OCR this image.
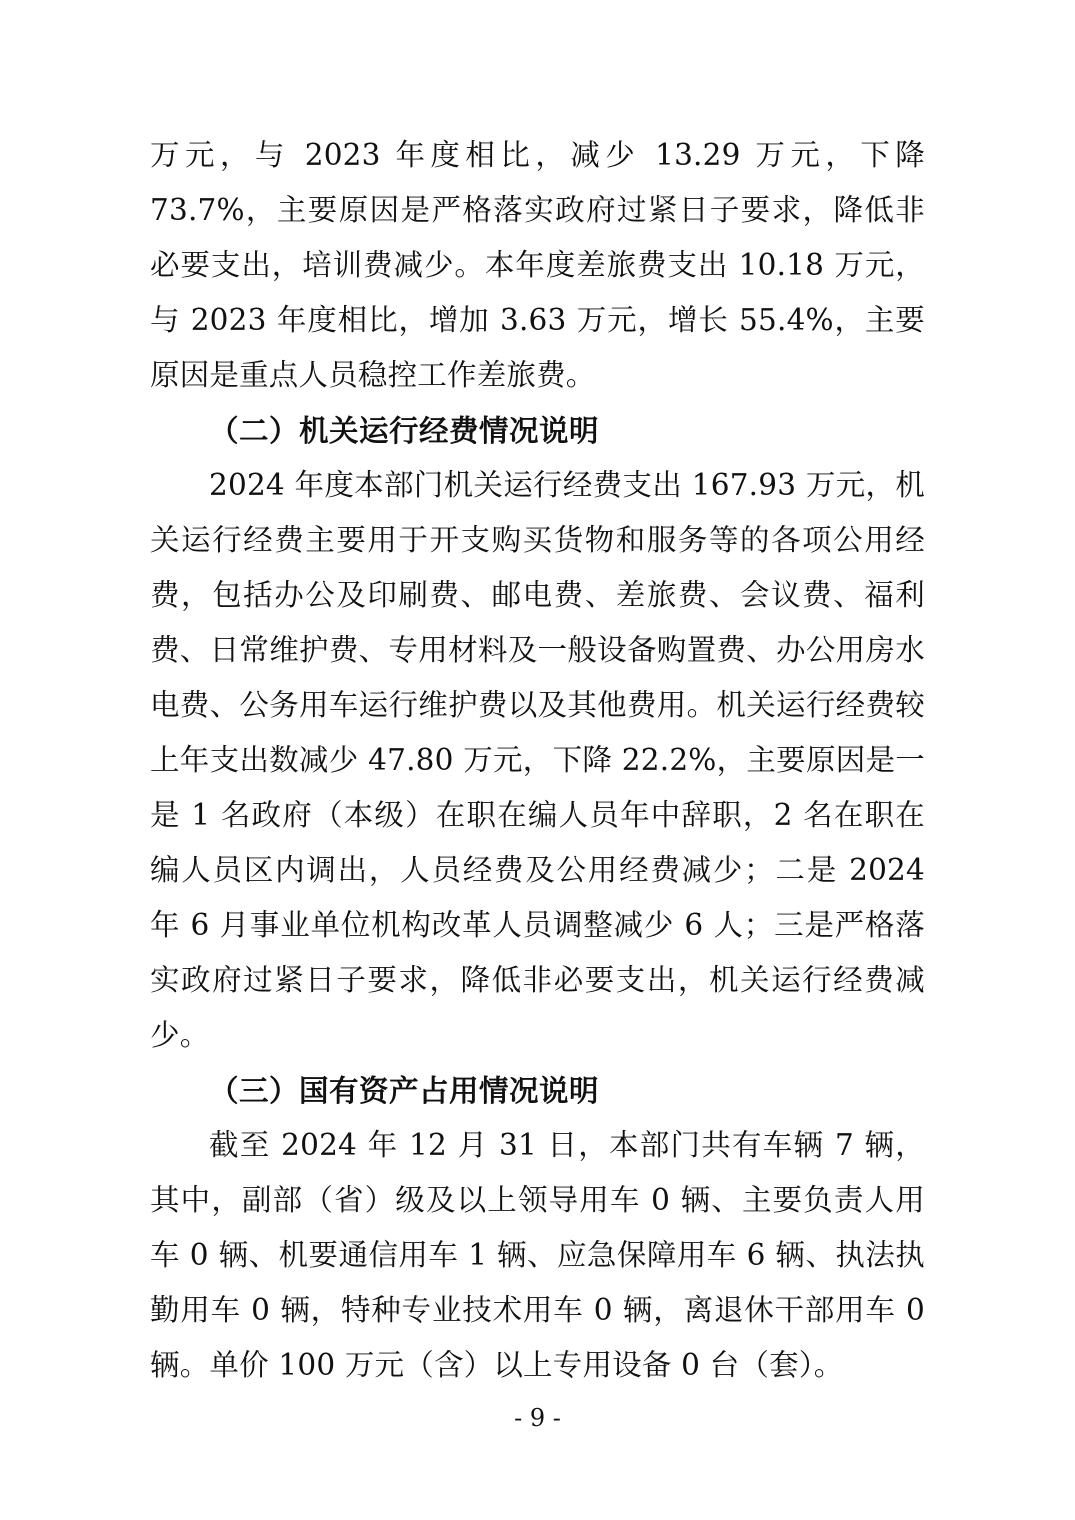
万元，与 2023 年度相比，减少 13.29 万元，下降 73.7%，主要原因是严格落实政府过紧日子要求，降低非必要支出，培训费减少。本年度差旅费支出 10.18 万元，与 2023 年度相比，增加 3.63 万元，增长 55.4%，主要原因是重点人员稳控工作差旅费。

（二）机关运行经费情况说明

2024 年度本部门机关运行经费支出 167.93 万元，机关运行经费主要用于开支购买货物和服务等的各项公用经费，包括办公及印刷费、邮电费、差旅费、会议费、福利费、日常维护费、专用材料及一般设备购置费、办公用房水电费、公务用车运行维护费以及其他费用。机关运行经费较上年支出数减少 47.80 万元，下降 22.2%，主要原因是一是 1 名政府（本级）在职在编人员年中辞职，2 名在职在编人员区内调出，人员经费及公用经费减少；二是 2024 年 6 月事业单位机构改革人员调整减少 6 人；三是严格落实政府过紧日子要求，降低非必要支出，机关运行经费减少。

（三）国有资产占用情况说明

截至 2024 年 12 月 31 日，本部门共有车辆 7 辆，其中，副部（省）级及以上领导用车 0 辆、主要负责人用车 0 辆、机要通信用车 1 辆、应急保障用车 6 辆、执法执勤用车 0 辆，特种专业技术用车 0 辆，离退休干部用车 0 辆。单价 100 万元（含）以上专用设备 0 台（套）。

- 9 -
